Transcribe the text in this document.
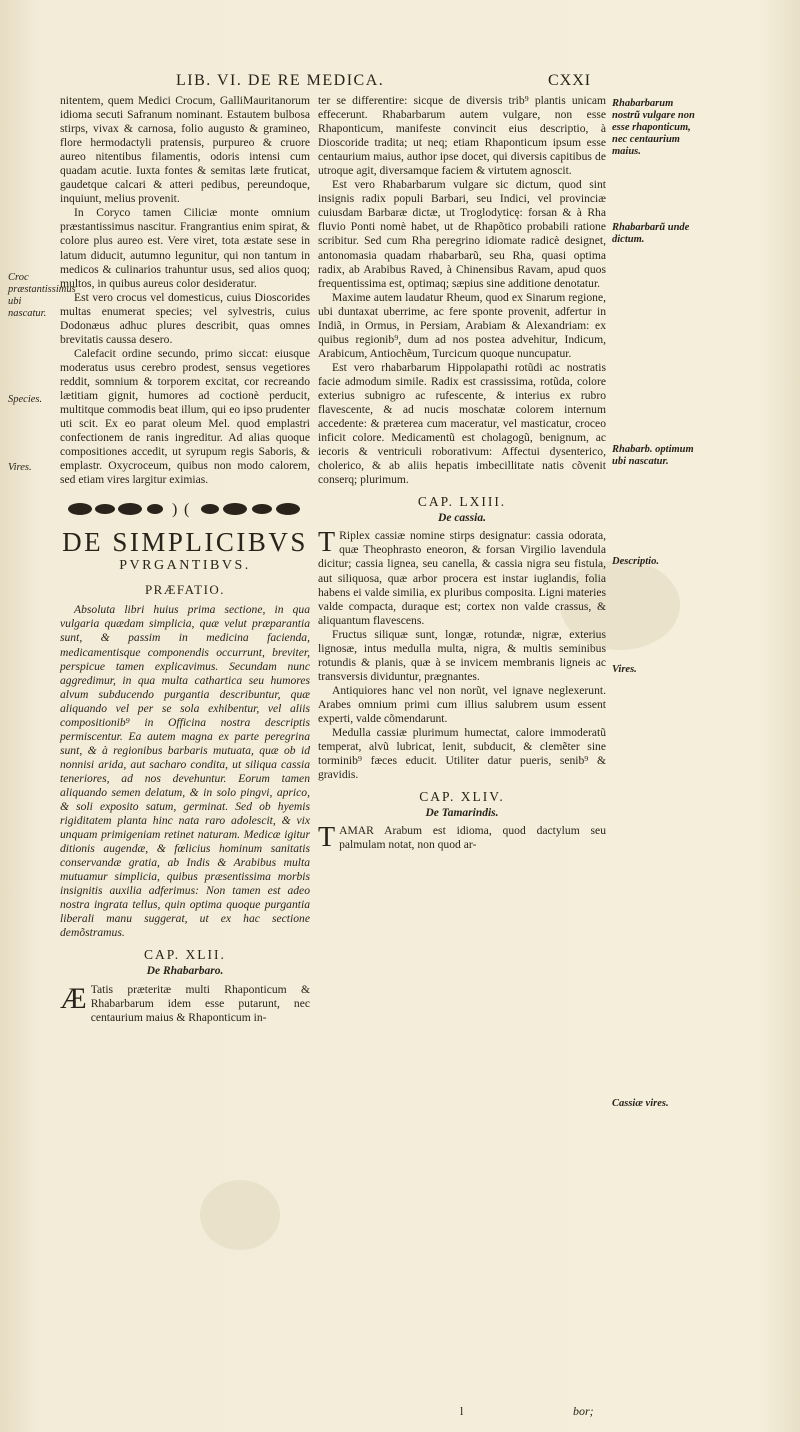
LIB. VI. DE RE MEDICA.	CXXI

nitentem, quem Medici Crocum, GalliMauritanorum idioma secuti Safranum nominant. Estautem bulbosa stirps, vivax & carnosa, folio augusto & gramineo, flore hermodactyli pratensis, purpureo & cruore aureo nitentibus filamentis, odoris intensi cum quadam acutie. Iuxta fontes & semitas læte fruticat, gaudetque calcari & atteri pedibus, pereundoque, inquiunt, melius provenit.

In Coryco tamen Ciliciæ monte omnium præstantissimus nascitur. Frangrantius enim spirat, & colore plus aureo est. Vere viret, tota æstate sese in latum diducit, autumno legunitur, qui non tantum in medicos & culinarios trahuntur usus, sed alios quoq; multos, in quibus aureus color desideratur.

Est vero crocus vel domesticus, cuius Dioscorides multas enumerat species; vel sylvestris, cuius Dodonæus adhuc plures describit, quas omnes brevitatis caussa desero.

Calefacit ordine secundo, primo siccat: eiusque moderatus usus cerebro prodest, sensus vegetiores reddit, somnium & torporem excitat, cor recreando lætitiam gignit, humores ad coctionè perducit, multitque commodis beat illum, qui eo ipso prudenter uti scit. Ex eo parat oleum Mel. quod emplastri confectionem de ranis ingreditur. Ad alias quoque compositiones accedit, ut syrupum regis Saboris, & emplastr. Oxycroceum, quibus non modo calorem, sed etiam vires largitur eximias.

) (
DE SIMPLICIBVS
PVRGANTIBVS.
PRÆFATIO.

Absoluta libri huius prima sectione, in qua vulgaria quædam simplicia, quæ velut præparantia sunt, & passim in medicina facienda, medicamentisque componendis occurrunt, breviter, perspicue tamen explicavimus. Secundam nunc aggredimur, in qua multa cathartica seu humores alvum subducendo purgantia describuntur, quæ aliquando vel per se sola exhibentur, vel aliis compositionib⁹ in Officina nostra descriptis permiscentur. Ea autem magna ex parte peregrina sunt, & à regionibus barbaris mutuata, quæ ob id nonnisi arida, aut sacharo condita, ut siliqua cassia teneriores, ad nos devehuntur. Eorum tamen aliquando semen delatum, & in solo pingvi, aprico, & soli exposito satum, germinat. Sed ob hyemis rigiditatem planta hinc nata raro adolescit, & vix unquam primigeniam retinet naturam. Medicæ igitur ditionis augendæ, & fœlicius hominum sanitatis conservandæ gratia, ab Indis & Arabibus multa mutuamur simplicia, quibus præsentissima morbis insignitis auxilia adferimus: Non tamen est adeo nostra ingrata tellus, quin optima quoque purgantia liberali manu suggerat, ut ex hac sectione demõstramus.

CAP. XLII.
De Rhabarbaro.

Æ Tatis præteritæ multi Rhaponticum & Rhabarbarum idem esse putarunt, nec centaurium maius & Rhaponticum in-

ter se differentire: sicque de diversis trib⁹ plantis unicam effecerunt. Rhabarbarum autem vulgare, non esse Rhaponticum, manifeste convincit eius descriptio, à Dioscoride tradita; ut neq; etiam Rhaponticum ipsum esse centaurium maius, author ipse docet, qui diversis capitibus de utroque agit, diversamque faciem & virtutem agnoscit.

Est vero Rhabarbarum vulgare sic dictum, quod sint insignis radix populi Barbari, seu Indici, vel provinciæ cuiusdam Barbaræ dictæ, ut Troglodyticę: forsan & à Rha fluvio Ponti nomè habet, ut de Rhapõtico probabili ratione scribitur. Sed cum Rha peregrino idiomate radicè designet, antonomasia quadam rhabarbarũ, seu Rha, quasi optima radix, ab Arabibus Raved, à Chinensibus Ravam, apud quos frequentissima est, optimaq; sæpius sine additione denotatur.

Maxime autem laudatur Rheum, quod ex Sinarum regione, ubi duntaxat uberrime, ac fere sponte provenit, adfertur in Indiã, in Ormus, in Persiam, Arabiam & Alexandriam: ex quibus regionib⁹, dum ad nos postea advehitur, Indicum, Arabicum, Antiochẽum, Turcicum quoque nuncupatur.

Est vero rhabarbarum Hippolapathi rotũdi ac nostratis facie admodum simile. Radix est crassissima, rotũda, colore exterius subnigro ac rufescente, & interius ex rubro flavescente, & ad nucis moschatæ colorem internum accedente: & præterea cum maceratur, vel masticatur, croceo inficit colore. Medicamentũ est cholagogũ, benignum, ac iecoris & ventriculi roborativum: Affectui dysenterico, cholerico, & ab aliis hepatis imbecillitate natis cõvenit conserq; plurimum.

CAP. LXIII.
De cassia.

T Riplex cassiæ nomine stirps designatur: cassia odorata, quæ Theophrasto eneoron, & forsan Virgilio lavendula dicitur; cassia lignea, seu canella, & cassia nigra seu fistula, aut siliquosa, quæ arbor procera est instar iuglandis, folia habens ei valde similia, ex pluribus composita. Ligni materies valde compacta, duraque est; cortex non valde crassus, & aliquantum flavescens.

Fructus siliquæ sunt, longæ, rotundæ, nigræ, exterius lignosæ, intus medulla multa, nigra, & multis seminibus rotundis & planis, quæ à se invicem membranis ligneis ac transversis dividuntur, prægnantes.

Antiquiores hanc vel non norũt, vel ignave neglexerunt. Arabes omnium primi cum illius salubrem usum essent experti, valde cõmendarunt.

Medulla cassiæ plurimum humectat, calore immoderatũ temperat, alvũ lubricat, lenit, subducit, & clemẽter sine torminib⁹ fæces educit. Utiliter datur pueris, senib⁹ & gravidis.

CAP. XLIV.
De Tamarindis.

TAMAR Arabum est idioma, quod dactylum seu palmulam notat, non quod ar-

Croc præstantissimus ubi nascatur.
Species.
Vires.
Rhabarbarum nostrũ vulgare non esse rhaponticum, nec centaurium maius.
Rhabarbarũ unde dictum.
Rhabarb. optimum ubi nascatur.
Descriptio.
Vires.
Cassiæ vires.
l	bor;
